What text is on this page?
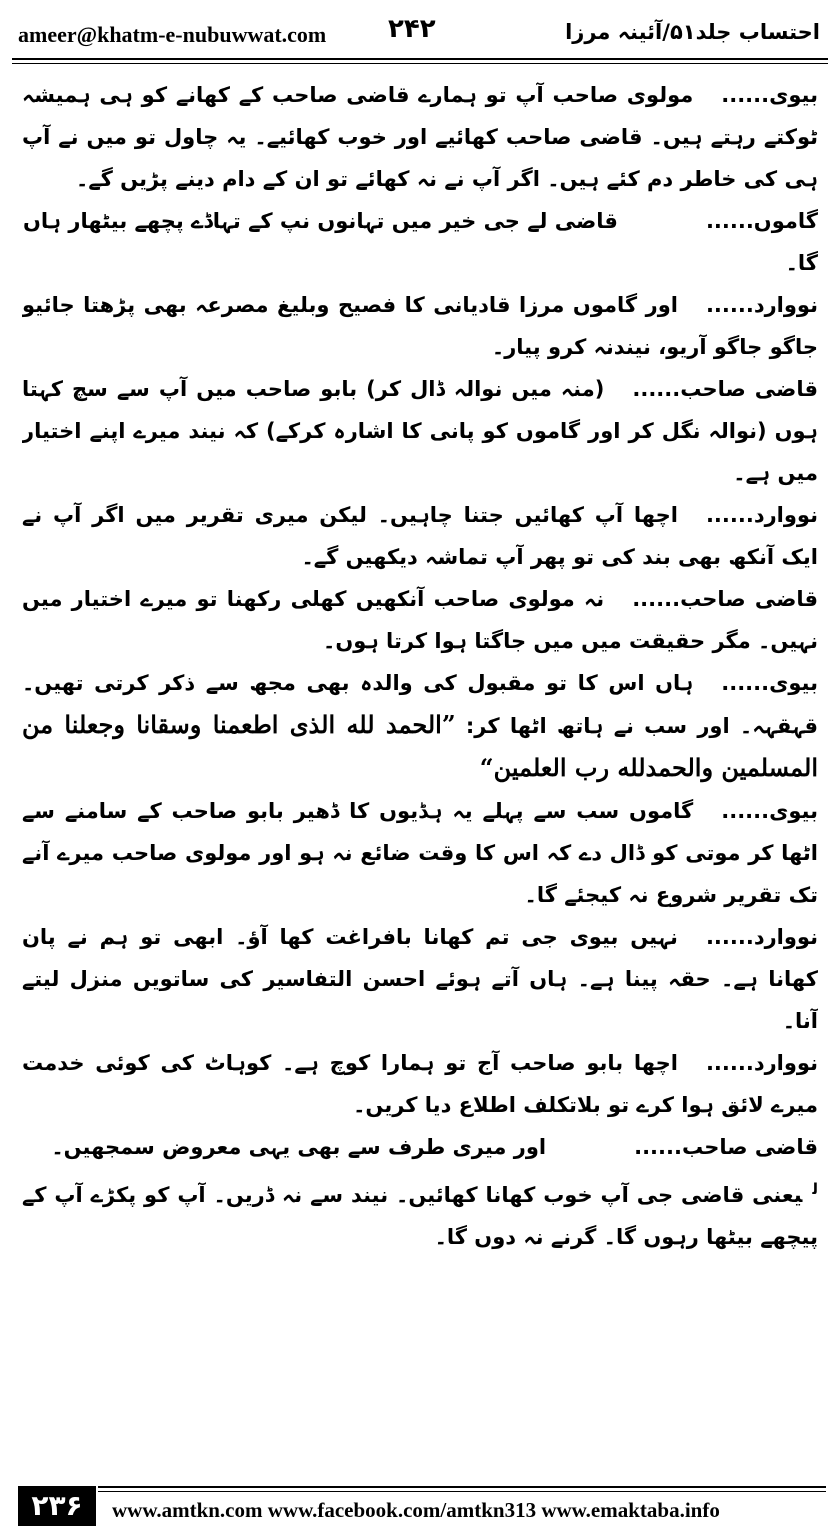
ameer@khatm-e-nubuwwat.com ۲۴۲	احتساب جلد۵۱/آئینہ مرزا

بیوی......مولوی صاحب آپ تو ہمارے قاضی صاحب کے کھانے کو ہی ہمیشہ ٹوکتے رہتے ہیں۔ قاضی صاحب کھائیے اور خوب کھائیے۔ یہ چاول تو میں نے آپ ہی کی خاطر دم کئے ہیں۔ اگر آپ نے نہ کھائے تو ان کے دام دینے پڑیں گے۔

گاموں......قاضی لے جی خیر میں تہانوں نپ کے تہاڈے پچھے بیٹھار ہاں گا۔

نووارد......اور گاموں مرزا قادیانی کا فصیح وبلیغ مصرعہ بھی پڑھتا جائیو جاگو جاگو آریو، نیندنہ کرو پیار۔

قاضی صاحب......(منہ میں نوالہ ڈال کر) بابو صاحب میں آپ سے سچ کہتا ہوں (نوالہ نگل کر اور گاموں کو پانی کا اشارہ کرکے) کہ نیند میرے اپنے اختیار میں ہے۔

نووارد......اچھا آپ کھائیں جتنا چاہیں۔ لیکن میری تقریر میں اگر آپ نے ایک آنکھ بھی بند کی تو پھر آپ تماشہ دیکھیں گے۔

قاضی صاحب......نہ مولوی صاحب آنکھیں کھلی رکھنا تو میرے اختیار میں نہیں۔ مگر حقیقت میں میں جاگتا ہوا کرتا ہوں۔

بیوی......ہاں اس کا تو مقبول کی والدہ بھی مجھ سے ذکر کرتی تھیں۔ قہقہہ۔ اور سب نے ہاتھ اٹھا کر: ”الحمد لله الذی اطعمنا وسقانا وجعلنا من المسلمین والحمدلله رب العلمین“

بیوی......گاموں سب سے پہلے یہ ہڈیوں کا ڈھیر بابو صاحب کے سامنے سے اٹھا کر موتی کو ڈال دے کہ اس کا وقت ضائع نہ ہو اور مولوی صاحب میرے آنے تک تقریر شروع نہ کیجئے گا۔

نووارد......نہیں بیوی جی تم کھانا بافراغت کھا آؤ۔ ابھی تو ہم نے پان کھانا ہے۔ حقہ پینا ہے۔ ہاں آتے ہوئے احسن التفاسیر کی ساتویں منزل لیتے آنا۔

نووارد......اچھا بابو صاحب آج تو ہمارا کوچ ہے۔ کوہاٹ کی کوئی خدمت میرے لائق ہوا کرے تو بلاتکلف اطلاع دیا کریں۔

قاضی صاحب......اور میری طرف سے بھی یہی معروض سمجھیں۔

$^ل$یعنی قاضی جی آپ خوب کھانا کھائیں۔ نیند سے نہ ڈریں۔ آپ کو پکڑے آپ کے پیچھے بیٹھا رہوں گا۔ گرنے نہ دوں گا۔

۲۳۶	www.amtkn.com www.facebook.com/amtkn313 www.emaktaba.info
